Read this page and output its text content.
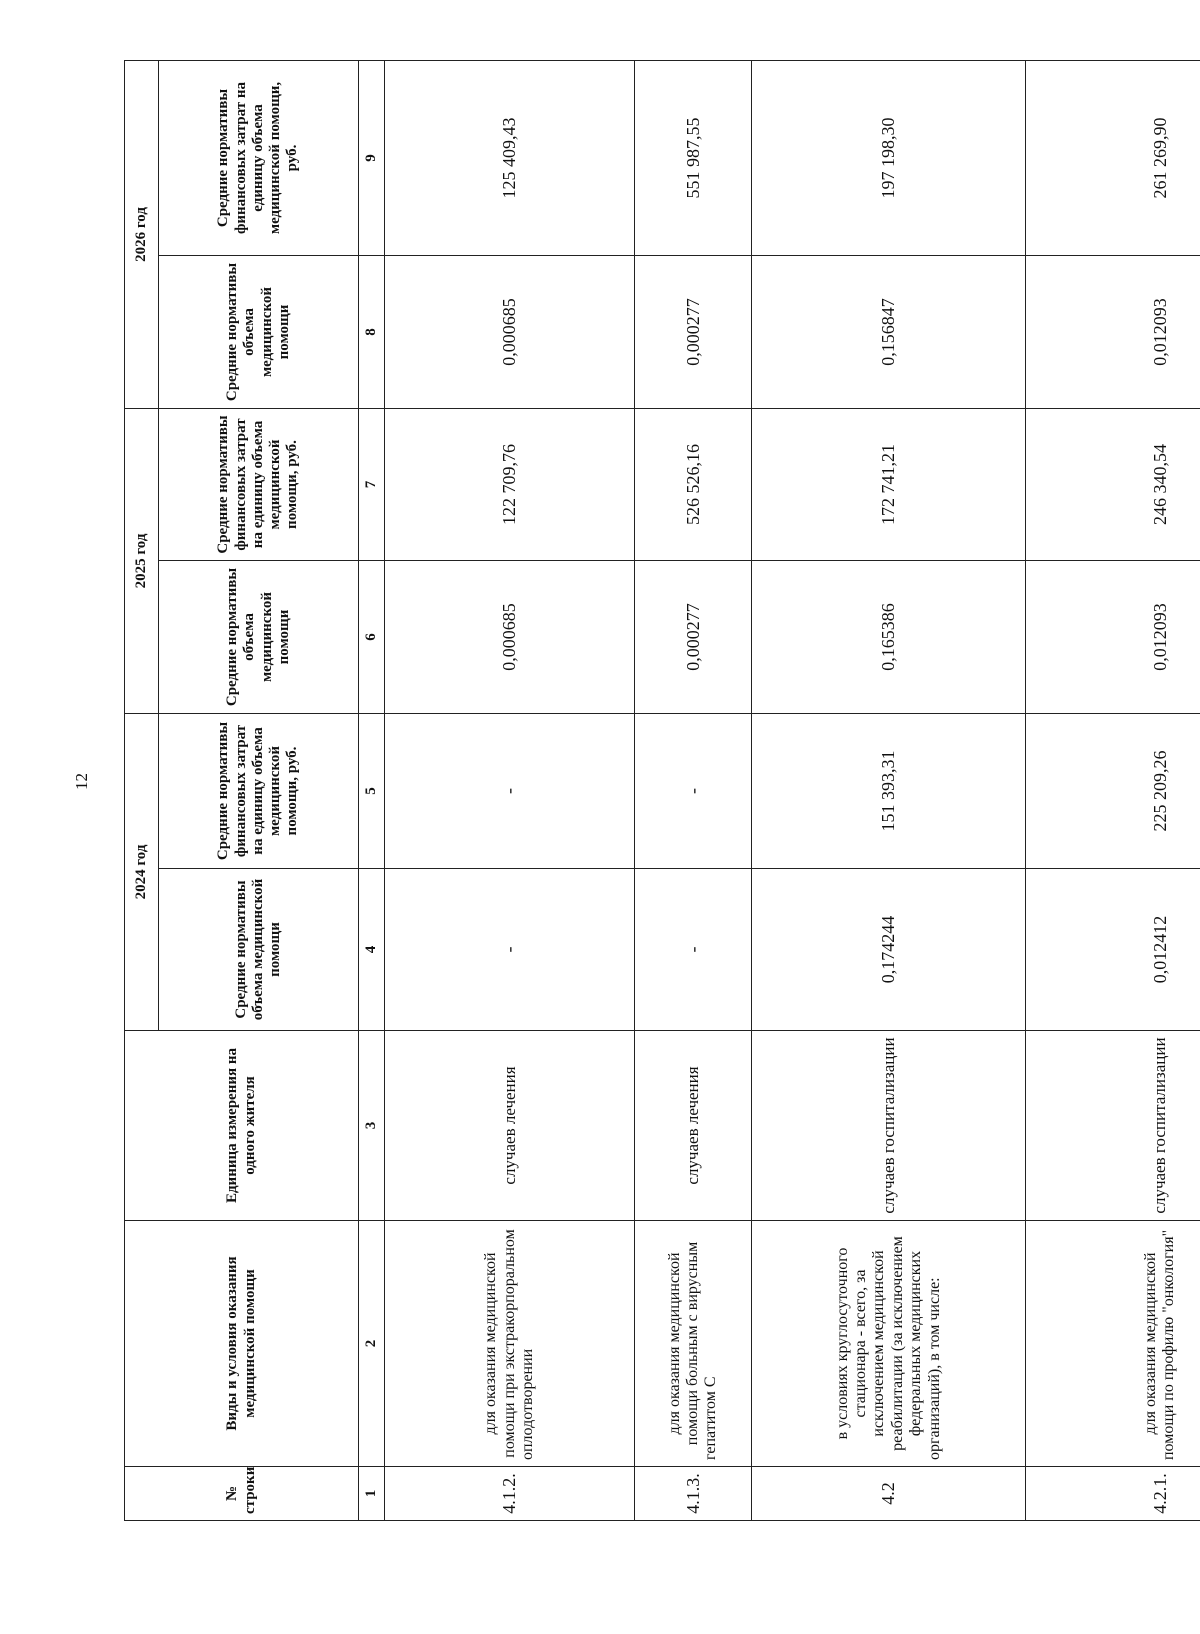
12
№ строки	Виды и условия оказания медицинской помощи	Единица измерения на одного жителя	2024 год		2025 год		2026 год	
			Средние нормативы объема медицинской помощи	Средние нормативы финансовых затрат на единицу объема медицинской помощи, руб.	Средние нормативы объема медицинской помощи	Средние нормативы финансовых затрат на единицу объема медицинской помощи, руб.	Средние нормативы объема медицинской помощи	Средние нормативы финансовых затрат на единицу объема медицинской помощи, руб.
1	2	3	4	5	6	7	8	9
4.1.2.	для оказания медицинской помощи при экстракорпоральном оплодотворении	случаев лечения	-	-	0,000685	122 709,76	0,000685	125 409,43
4.1.3.	для оказания медицинской помощи больным с вирусным гепатитом С	случаев лечения	-	-	0,000277	526 526,16	0,000277	551 987,55
4.2	в условиях круглосуточного стационара - всего, за исключением медицинской реабилитации (за исключением федеральных медицинских организаций), в том числе:	случаев госпитализации	0,174244	151 393,31	0,165386	172 741,21	0,156847	197 198,30
4.2.1.	для оказания медицинской помощи по профилю "онкология"	случаев госпитализации	0,012412	225 209,26	0,012093	246 340,54	0,012093	261 269,90
